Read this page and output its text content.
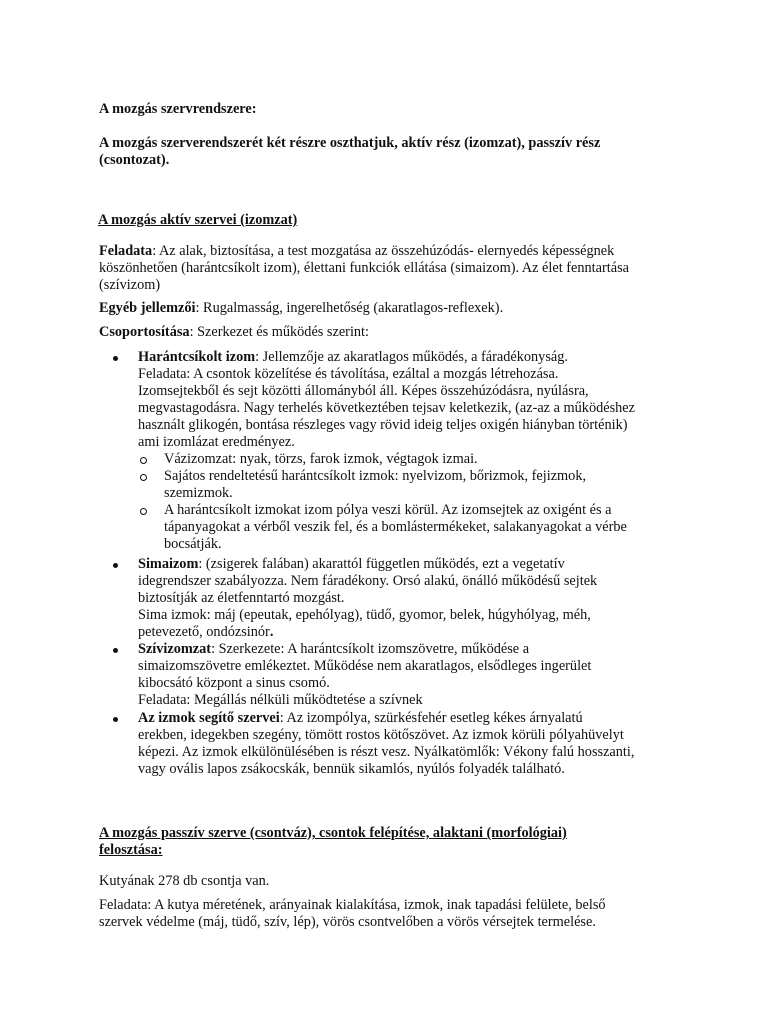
A mozgás szervrendszere:

A mozgás szerverendszerét két részre oszthatjuk, aktív rész (izomzat), passzív rész

(csontozat).

A mozgás aktív szervei (izomzat)

Feladata: Az alak, biztosítása, a test mozgatása az összehúzódás- elernyedés képességnek

köszönhetően (harántcsíkolt izom), élettani funkciók ellátása (simaizom). Az élet fenntartása

(szívizom)

Egyéb jellemzői: Rugalmasság, ingerelhetőség (akaratlagos-reflexek).

Csoportosítása: Szerkezet és működés szerint:

Harántcsíkolt izom: Jellemzője az akaratlagos működés, a fáradékonyság.

Feladata: A csontok közelítése és távolítása, ezáltal a mozgás létrehozása.

Izomsejtekből és sejt közötti állományból áll. Képes összehúzódásra, nyúlásra,

megvastagodásra. Nagy terhelés következtében tejsav keletkezik, (az-az a működéshez

használt glikogén, bontása részleges vagy rövid ideig teljes oxigén hiányban történik)

ami izomlázat eredményez.

Vázizomzat: nyak, törzs, farok izmok, végtagok izmai.

Sajátos rendeltetésű harántcsíkolt izmok: nyelvizom, bőrizmok, fejizmok,

szemizmok.

A harántcsíkolt izmokat izom pólya veszi körül. Az izomsejtek az oxigént és a

tápanyagokat a vérből veszik fel, és a bomlástermékeket, salakanyagokat a vérbe

bocsátják.

Simaizom: (zsigerek falában) akarattól független működés, ezt a vegetatív

idegrendszer szabályozza. Nem fáradékony. Orsó alakú, önálló működésű sejtek

biztosítják az életfenntartó mozgást.

Sima izmok: máj (epeutak, epehólyag), tüdő, gyomor, belek, húgyhólyag, méh,

petevezető, ondózsinór.

Szívizomzat: Szerkezete: A harántcsíkolt izomszövetre, működése a

simaizomszövetre emlékeztet. Működése nem akaratlagos, elsődleges ingerület

kibocsátó központ a sinus csomó.

Feladata: Megállás nélküli működtetése a szívnek

Az izmok segítő szervei: Az izompólya, szürkésfehér esetleg kékes árnyalatú

erekben, idegekben szegény, tömött rostos kötőszövet. Az izmok körüli pólyahüvelyt

képezi. Az izmok elkülönülésében is részt vesz. Nyálkatömlők: Vékony falú hosszanti,

vagy ovális lapos zsákocskák, bennük sikamlós, nyúlós folyadék található.

A mozgás passzív szerve (csontváz), csontok felépítése, alaktani (morfológiai)

felosztása:

Kutyának 278 db csontja van.

Feladata: A kutya méretének, arányainak kialakítása, izmok, inak tapadási felülete, belső

szervek védelme (máj, tüdő, szív, lép), vörös csontvelőben a vörös vérsejtek termelése.
